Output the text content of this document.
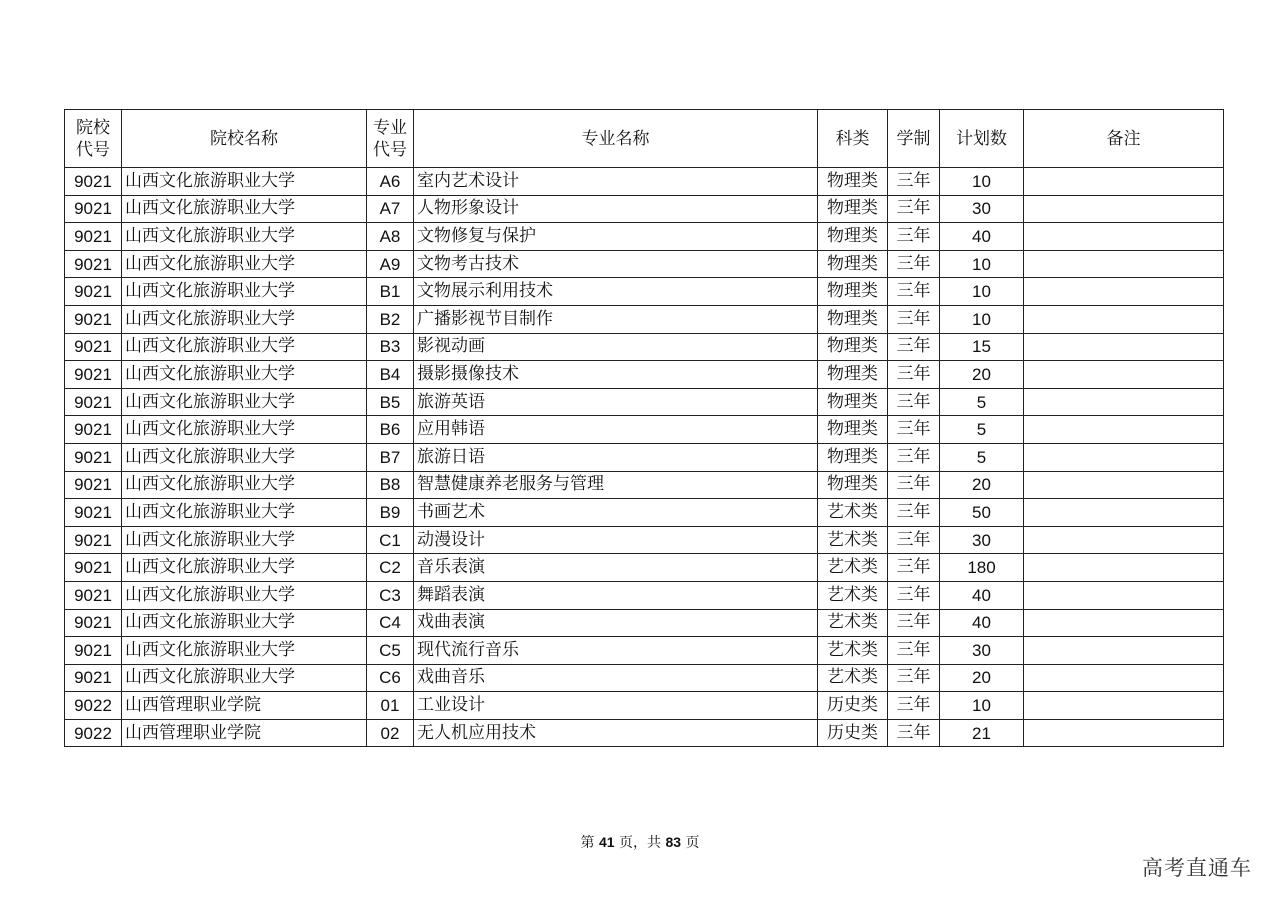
院校代号	院校名称	专业代号	专业名称	科类	学制	计划数	备注
9021	山西文化旅游职业大学	A6	室内艺术设计	物理类	三年	10	
9021	山西文化旅游职业大学	A7	人物形象设计	物理类	三年	30	
9021	山西文化旅游职业大学	A8	文物修复与保护	物理类	三年	40	
9021	山西文化旅游职业大学	A9	文物考古技术	物理类	三年	10	
9021	山西文化旅游职业大学	B1	文物展示利用技术	物理类	三年	10	
9021	山西文化旅游职业大学	B2	广播影视节目制作	物理类	三年	10	
9021	山西文化旅游职业大学	B3	影视动画	物理类	三年	15	
9021	山西文化旅游职业大学	B4	摄影摄像技术	物理类	三年	20	
9021	山西文化旅游职业大学	B5	旅游英语	物理类	三年	5	
9021	山西文化旅游职业大学	B6	应用韩语	物理类	三年	5	
9021	山西文化旅游职业大学	B7	旅游日语	物理类	三年	5	
9021	山西文化旅游职业大学	B8	智慧健康养老服务与管理	物理类	三年	20	
9021	山西文化旅游职业大学	B9	书画艺术	艺术类	三年	50	
9021	山西文化旅游职业大学	C1	动漫设计	艺术类	三年	30	
9021	山西文化旅游职业大学	C2	音乐表演	艺术类	三年	180	
9021	山西文化旅游职业大学	C3	舞蹈表演	艺术类	三年	40	
9021	山西文化旅游职业大学	C4	戏曲表演	艺术类	三年	40	
9021	山西文化旅游职业大学	C5	现代流行音乐	艺术类	三年	30	
9021	山西文化旅游职业大学	C6	戏曲音乐	艺术类	三年	20	
9022	山西管理职业学院	01	工业设计	历史类	三年	10	
9022	山西管理职业学院	02	无人机应用技术	历史类	三年	21	
第 41 页，共 83 页
高考直通车
